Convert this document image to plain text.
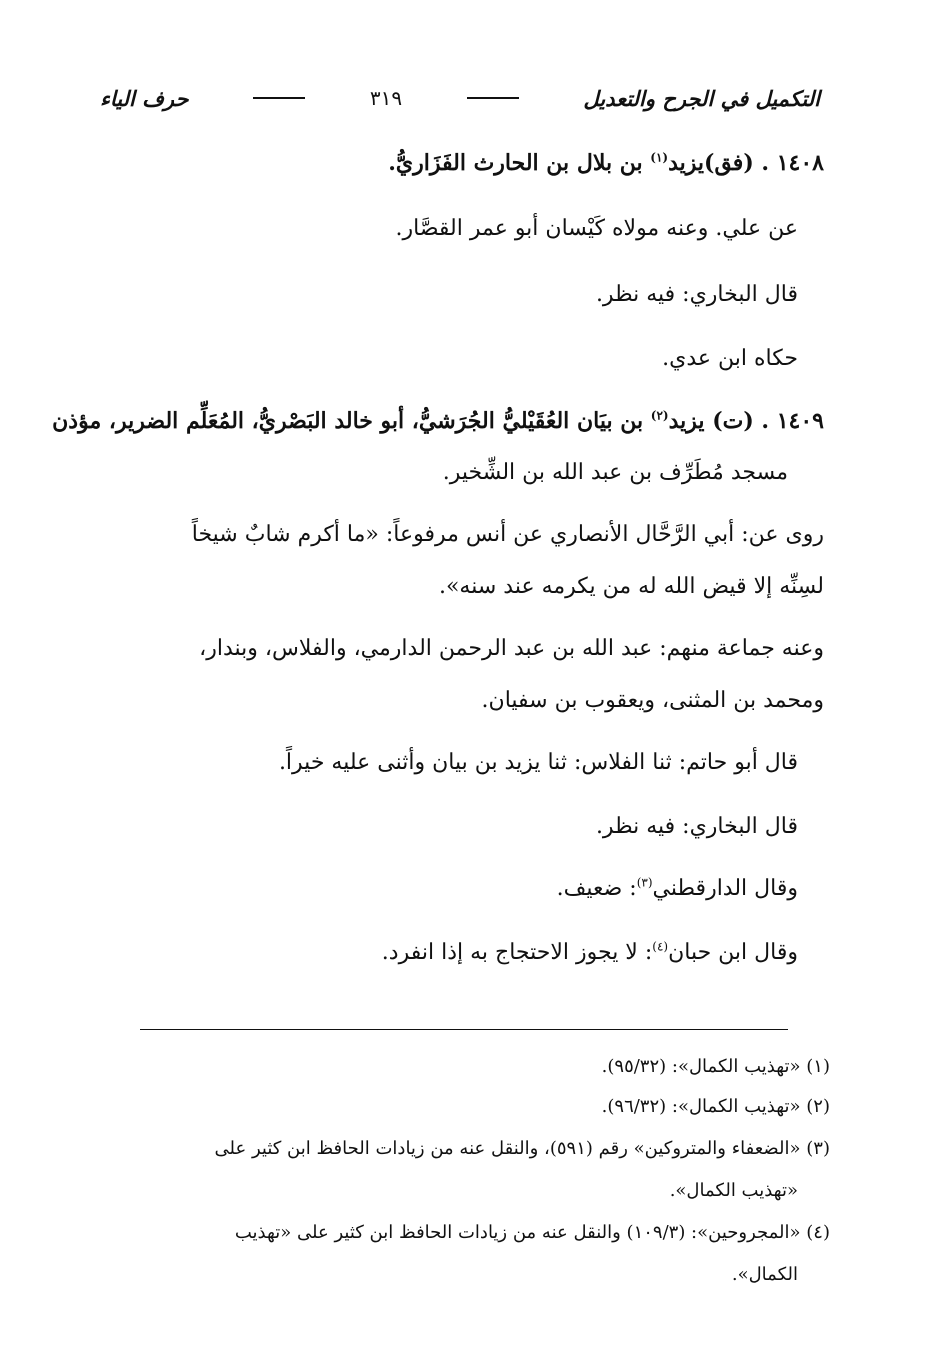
التكميل في الجرح والتعديل
٣١٩
حرف الياء
١٤٠٨ . (فق)يزيد$^{(١)}$ بن بلال بن الحارث الفَزَاريُّ.
عن علي. وعنه مولاه كَيْسان أبو عمر القصَّار.
قال البخاري: فيه نظر.
حكاه ابن عدي.
١٤٠٩ . (ت) يزيد$^{(٢)}$ بن بيَان العُقَيْليُّ الجُرَشيُّ، أبو خالد البَصْريُّ، المُعَلِّم الضرير، مؤذن
مسجد مُطَرِّف بن عبد الله بن الشِّخير.
روى عن: أبي الرَّحَّال الأنصاري عن أنس مرفوعاً: «ما أكرم شابٌ شيخاً
لسِنِّه إلا قيض الله له من يكرمه عند سنه».
وعنه جماعة منهم: عبد الله بن عبد الرحمن الدارمي، والفلاس، وبندار،
ومحمد بن المثنى، ويعقوب بن سفيان.
قال أبو حاتم: ثنا الفلاس: ثنا يزيد بن بيان وأثنى عليه خيراً.
قال البخاري: فيه نظر.
وقال الدارقطني$^{(٣)}$: ضعيف.
وقال ابن حبان$^{(٤)}$: لا يجوز الاحتجاج به إذا انفرد.
(١) «تهذيب الكمال»: (٩٥/٣٢).
(٢) «تهذيب الكمال»: (٩٦/٣٢).
(٣) «الضعفاء والمتروكين» رقم (٥٩١)، والنقل عنه من زيادات الحافظ ابن كثير على
«تهذيب الكمال».
(٤) «المجروحين»: (١٠٩/٣) والنقل عنه من زيادات الحافظ ابن كثير على «تهذيب
الكمال».
